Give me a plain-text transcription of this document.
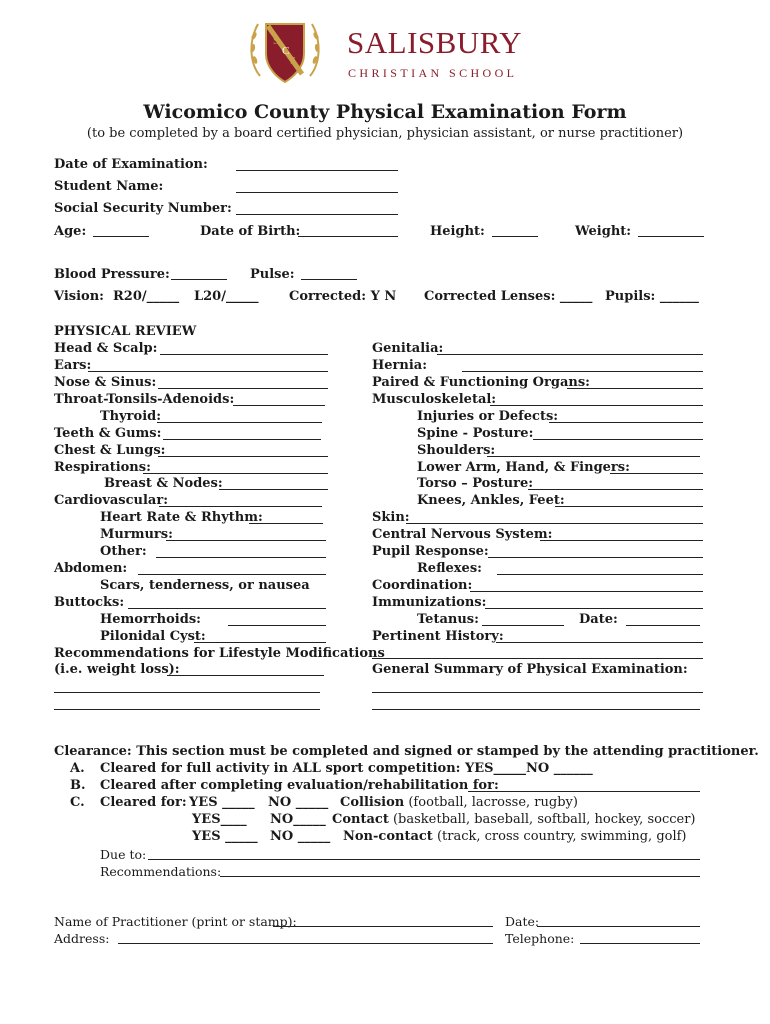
S
C
S
SALISBURY
CHRISTIAN SCHOOL
Wicomico County Physical Examination Form
(to be completed by a board certified physician, physician assistant, or nurse practitioner)
Date of Examination:
Student Name:
Social Security Number:
Age:	Date of Birth:	Height:	Weight:
Blood Pressure:	Pulse:
Vision: R20/_____ L20/_____ Corrected: Y N Corrected Lenses: _____ Pupils: ______
PHYSICAL REVIEW
Head & Scalp:
Ears:
Nose & Sinus:
Throat-Tonsils-Adenoids:
Thyroid:
Teeth & Gums:
Chest & Lungs:
Respirations:
Breast & Nodes:
Cardiovascular:
Heart Rate & Rhythm:
Murmurs:
Other:
Abdomen:
Scars, tenderness, or nausea
Buttocks:
Hemorrhoids:
Pilonidal Cyst:
Recommendations for Lifestyle Modifications
(i.e. weight loss):
Genitalia:
Hernia:
Paired & Functioning Organs:
Musculoskeletal:
Injuries or Defects:
Spine - Posture:
Shoulders:
Lower Arm, Hand, & Fingers:
Torso – Posture:
Knees, Ankles, Feet:
Skin:
Central Nervous System:
Pupil Response:
Reflexes:
Coordination:
Immunizations:
Tetanus:	Date:
Pertinent History:
General Summary of Physical Examination:
Clearance: This section must be completed and signed or stamped by the attending practitioner.
A. Cleared for full activity in ALL sport competition: YES_____NO ______
B. Cleared after completing evaluation/rehabilitation for:
C. Cleared for: YES _____ NO _____ Collision (football, lacrosse, rugby)
YES____ NO_____ Contact (basketball, baseball, softball, hockey, soccer)
YES _____ NO _____ Non-contact (track, cross country, swimming, golf)
Due to:
Recommendations:
Name of Practitioner (print or stamp):	Date:
Address:	Telephone:
